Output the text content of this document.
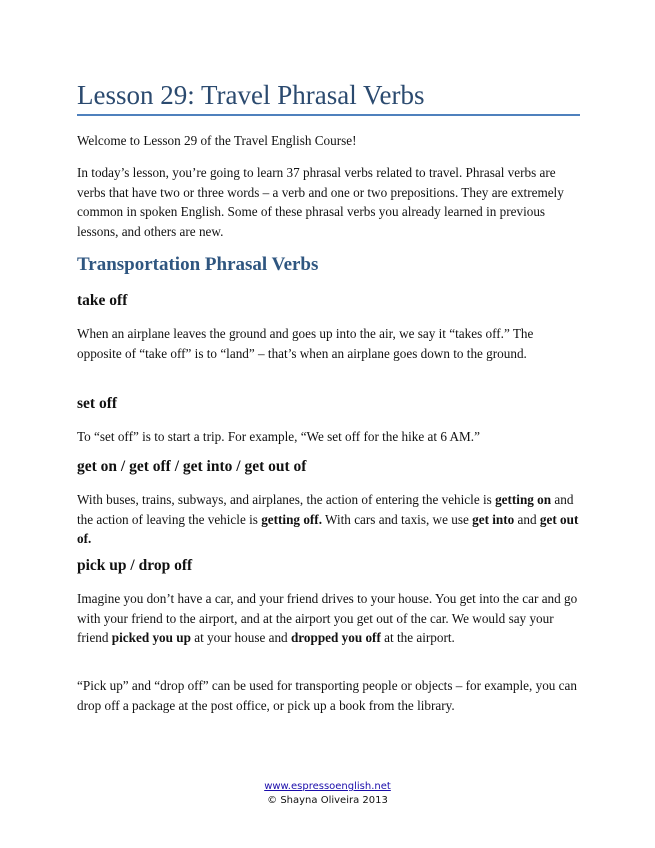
Lesson 29: Travel Phrasal Verbs

Welcome to Lesson 29 of the Travel English Course!

In today’s lesson, you’re going to learn 37 phrasal verbs related to travel. Phrasal verbs are verbs that have two or three words – a verb and one or two prepositions. They are extremely common in spoken English. Some of these phrasal verbs you already learned in previous lessons, and others are new.

Transportation Phrasal Verbs
take off

When an airplane leaves the ground and goes up into the air, we say it “takes off.” The opposite of “take off” is to “land” – that’s when an airplane goes down to the ground.

set off

To “set off” is to start a trip. For example, “We set off for the hike at 6 AM.”

get on / get off / get into / get out of

With buses, trains, subways, and airplanes, the action of entering the vehicle is getting on and the action of leaving the vehicle is getting off. With cars and taxis, we use get into and get out of.

pick up / drop off

Imagine you don’t have a car, and your friend drives to your house. You get into the car and go with your friend to the airport, and at the airport you get out of the car. We would say your friend picked you up at your house and dropped you off at the airport.

“Pick up” and “drop off” can be used for transporting people or objects – for example, you can drop off a package at the post office, or pick up a book from the library.

www.espressoenglish.net
© Shayna Oliveira 2013
